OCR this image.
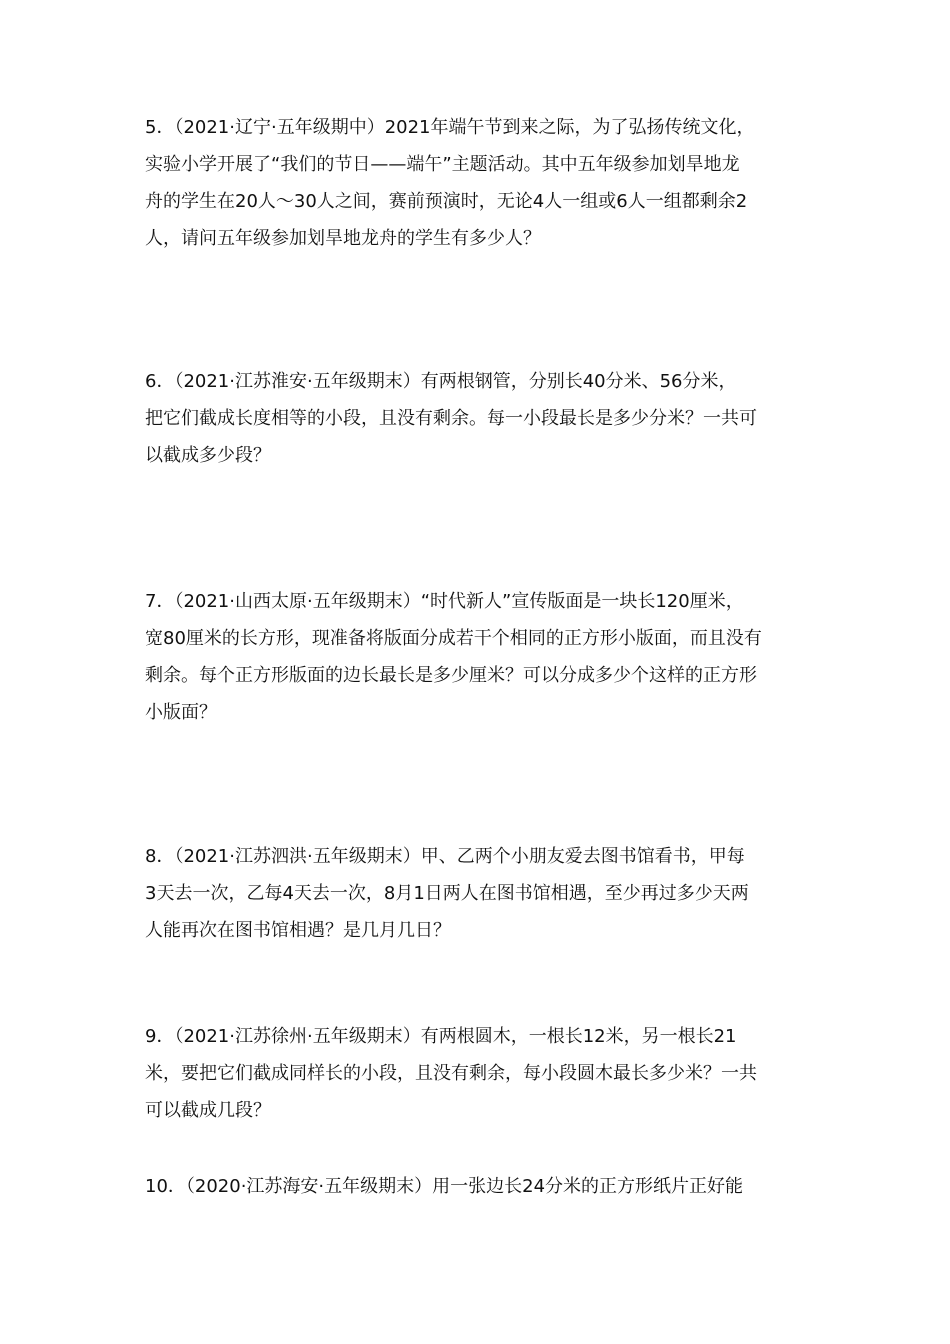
5．（2021·辽宁·五年级期中）2021年端午节到来之际，为了弘扬传统文化，
实验小学开展了“我们的节日——端午”主题活动。其中五年级参加划旱地龙
舟的学生在20人～30人之间，赛前预演时，无论4人一组或6人一组都剩余2
人，请问五年级参加划旱地龙舟的学生有多少人？
6．（2021·江苏淮安·五年级期末）有两根钢管，分别长40分米、56分米，
把它们截成长度相等的小段，且没有剩余。每一小段最长是多少分米？一共可
以截成多少段？
7．（2021·山西太原·五年级期末）“时代新人”宣传版面是一块长120厘米，
宽80厘米的长方形，现准备将版面分成若干个相同的正方形小版面，而且没有
剩余。每个正方形版面的边长最长是多少厘米？可以分成多少个这样的正方形
小版面？
8．（2021·江苏泗洪·五年级期末）甲、乙两个小朋友爱去图书馆看书，甲每
3天去一次，乙每4天去一次，8月1日两人在图书馆相遇，至少再过多少天两
人能再次在图书馆相遇？是几月几日？
9．（2021·江苏徐州·五年级期末）有两根圆木，一根长12米，另一根长21
米，要把它们截成同样长的小段，且没有剩余，每小段圆木最长多少米？一共
可以截成几段？
10．（2020·江苏海安·五年级期末）用一张边长24分米的正方形纸片正好能
